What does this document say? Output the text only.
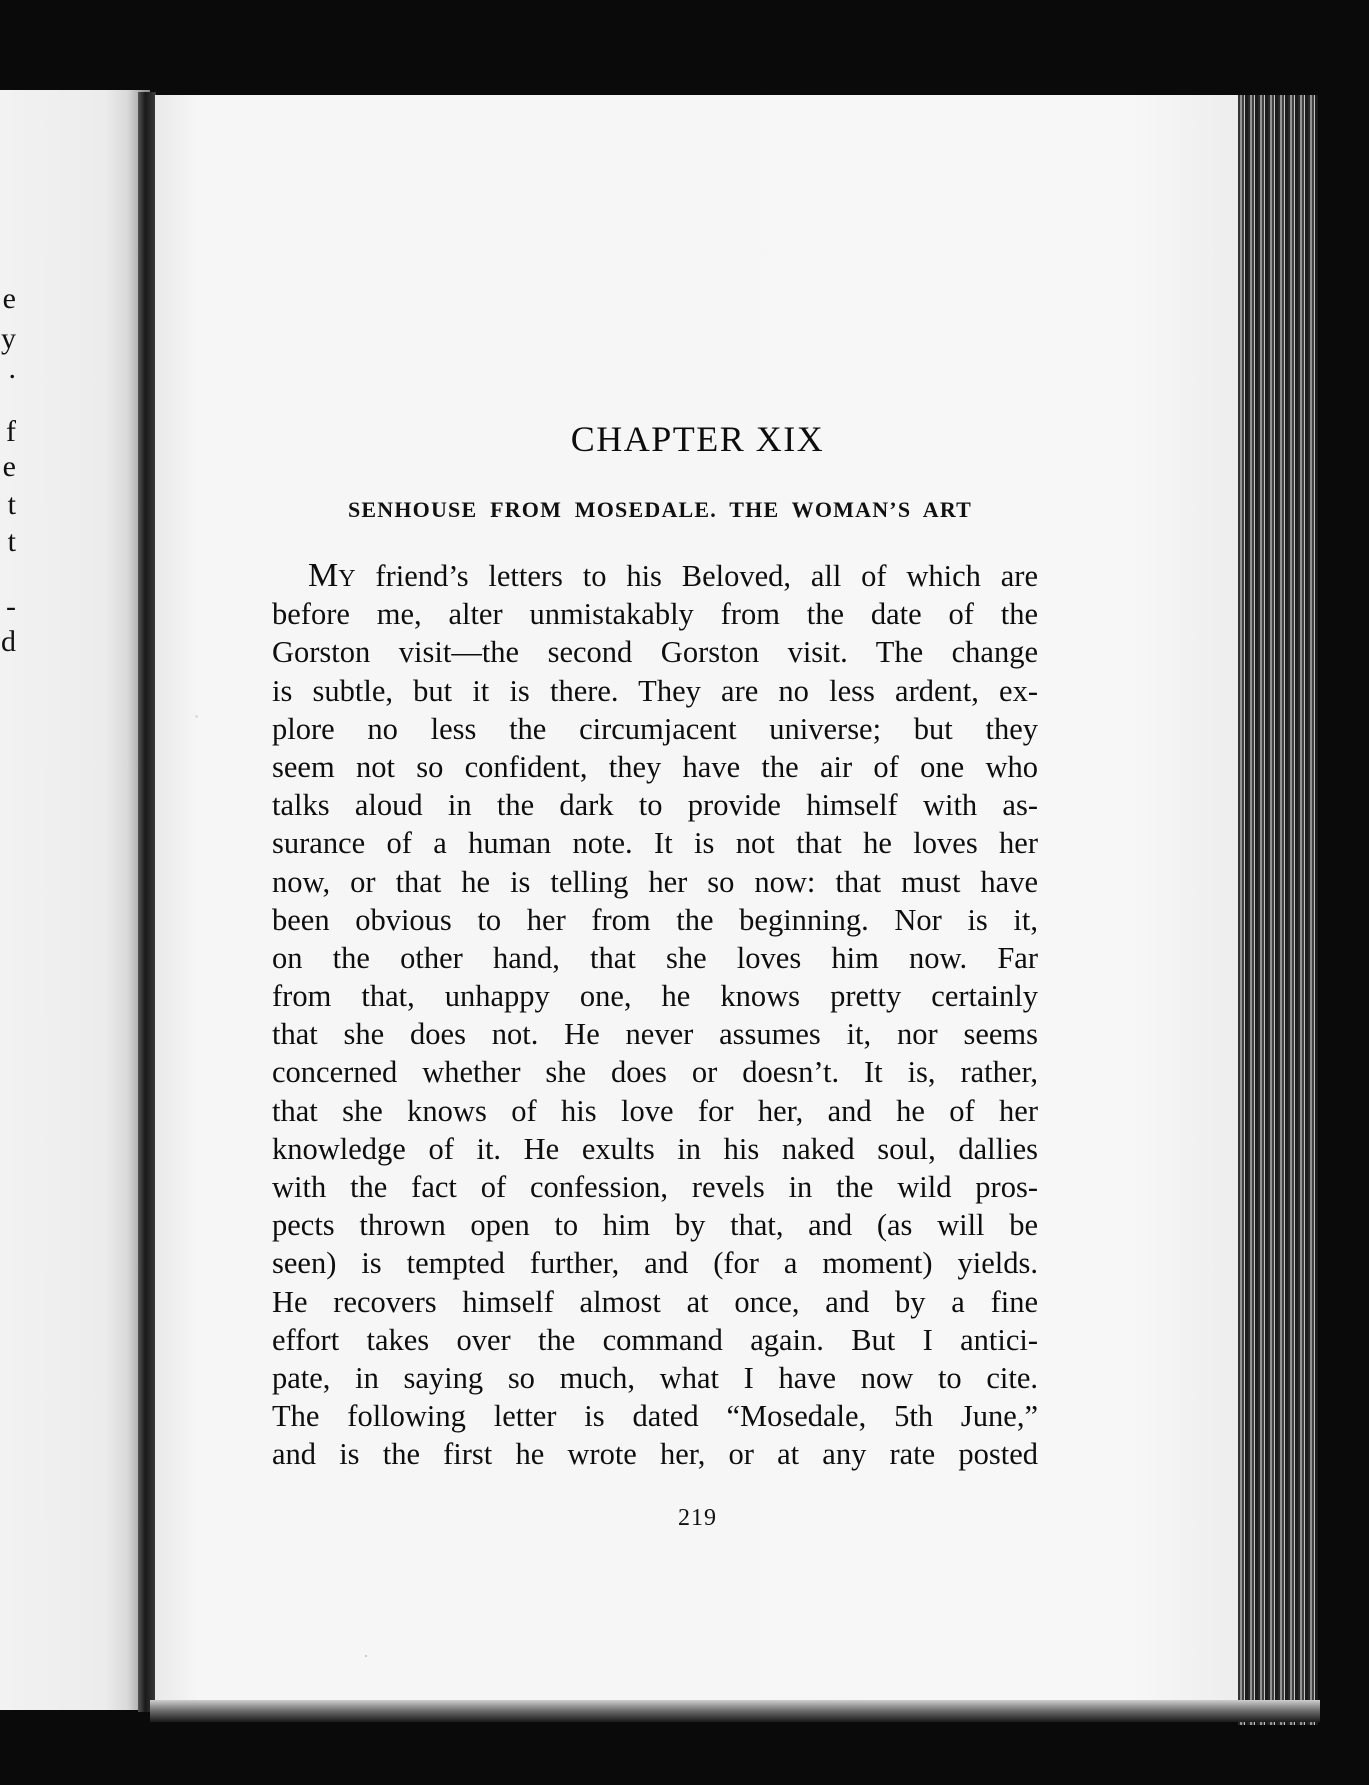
e
y
.
f
e
t
t
-
d
CHAPTER XIX
SENHOUSE FROM MOSEDALE. THE WOMAN’S ART
MY friend’s letters to his Beloved, all of which are
before me, alter unmistakably from the date of the
Gorston visit—the second Gorston visit. The change
is subtle, but it is there. They are no less ardent, ex-
plore no less the circumjacent universe; but they
seem not so confident, they have the air of one who
talks aloud in the dark to provide himself with as-
surance of a human note. It is not that he loves her
now, or that he is telling her so now: that must have
been obvious to her from the beginning. Nor is it,
on the other hand, that she loves him now. Far
from that, unhappy one, he knows pretty certainly
that she does not. He never assumes it, nor seems
concerned whether she does or doesn’t. It is, rather,
that she knows of his love for her, and he of her
knowledge of it. He exults in his naked soul, dallies
with the fact of confession, revels in the wild pros-
pects thrown open to him by that, and (as will be
seen) is tempted further, and (for a moment) yields.
He recovers himself almost at once, and by a fine
effort takes over the command again. But I antici-
pate, in saying so much, what I have now to cite.
The following letter is dated “Mosedale, 5th June,”
and is the first he wrote her, or at any rate posted
219
